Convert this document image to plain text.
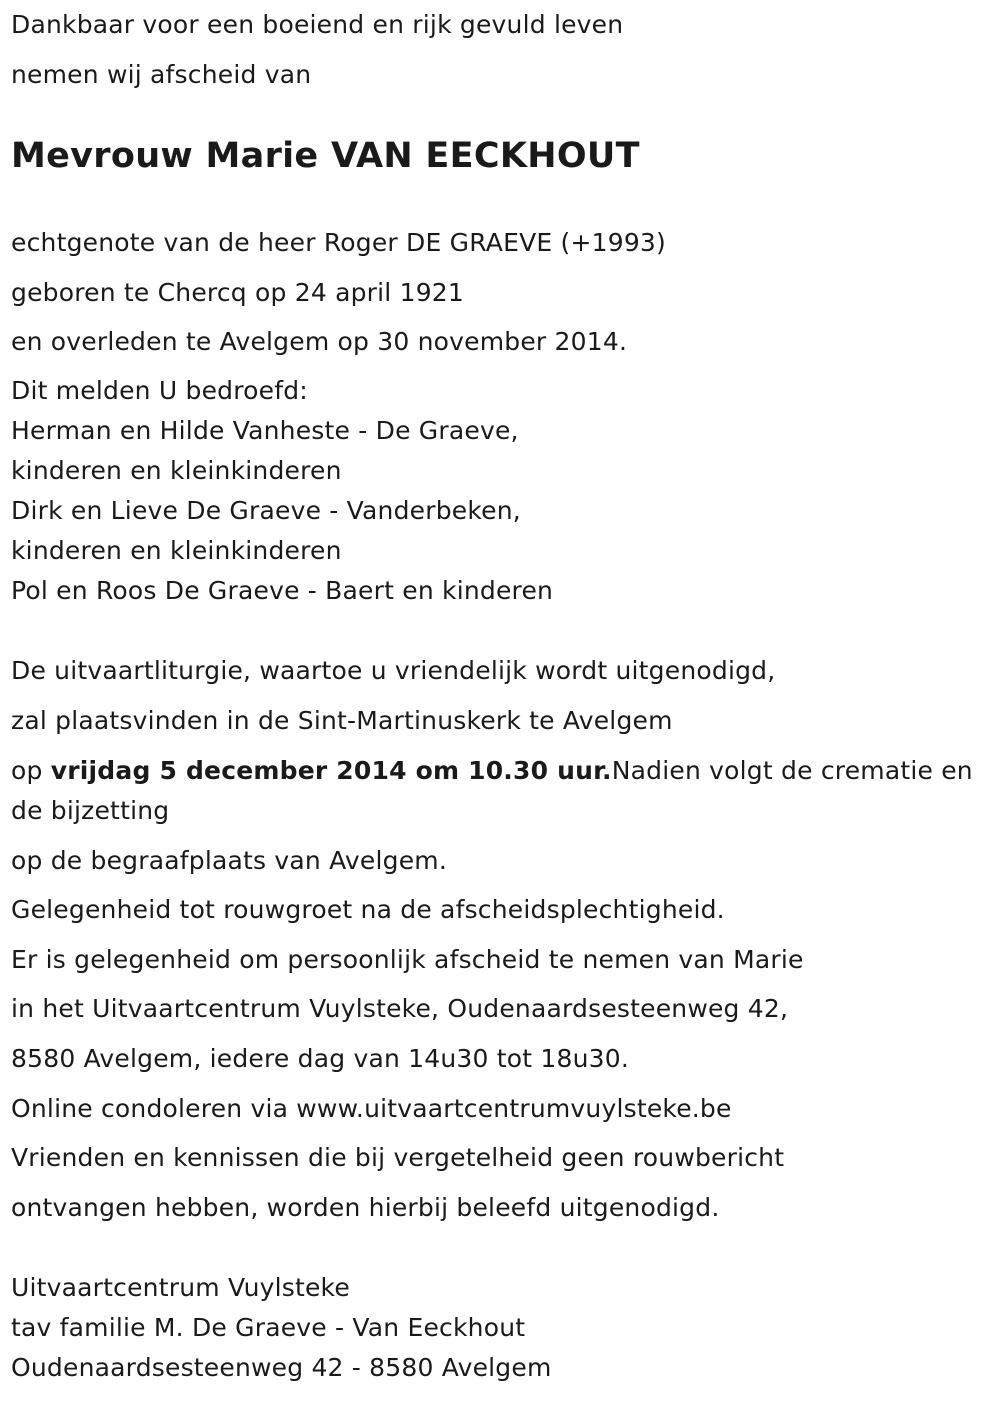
Dankbaar voor een boeiend en rijk gevuld leven

nemen wij afscheid van

Mevrouw Marie VAN EECKHOUT

echtgenote van de heer Roger DE GRAEVE (+1993)

geboren te Chercq op 24 april 1921

en overleden te Avelgem op 30 november 2014.

Dit melden U bedroefd:

Herman en Hilde Vanheste - De Graeve,

kinderen en kleinkinderen

Dirk en Lieve De Graeve - Vanderbeken,

kinderen en kleinkinderen

Pol en Roos De Graeve - Baert en kinderen

De uitvaartliturgie, waartoe u vriendelijk wordt uitgenodigd,

zal plaatsvinden in de Sint-Martinuskerk te Avelgem

op vrijdag 5 december 2014 om 10.30 uur.Nadien volgt de crematie en de bijzetting

op de begraafplaats van Avelgem.

Gelegenheid tot rouwgroet na de afscheidsplechtigheid.

Er is gelegenheid om persoonlijk afscheid te nemen van Marie

in het Uitvaartcentrum Vuylsteke, Oudenaardsesteenweg 42,

8580 Avelgem, iedere dag van 14u30 tot 18u30.

Online condoleren via www.uitvaartcentrumvuylsteke.be

Vrienden en kennissen die bij vergetelheid geen rouwbericht

ontvangen hebben, worden hierbij beleefd uitgenodigd.

Uitvaartcentrum Vuylsteke

tav familie M. De Graeve - Van Eeckhout

Oudenaardsesteenweg 42 - 8580 Avelgem
